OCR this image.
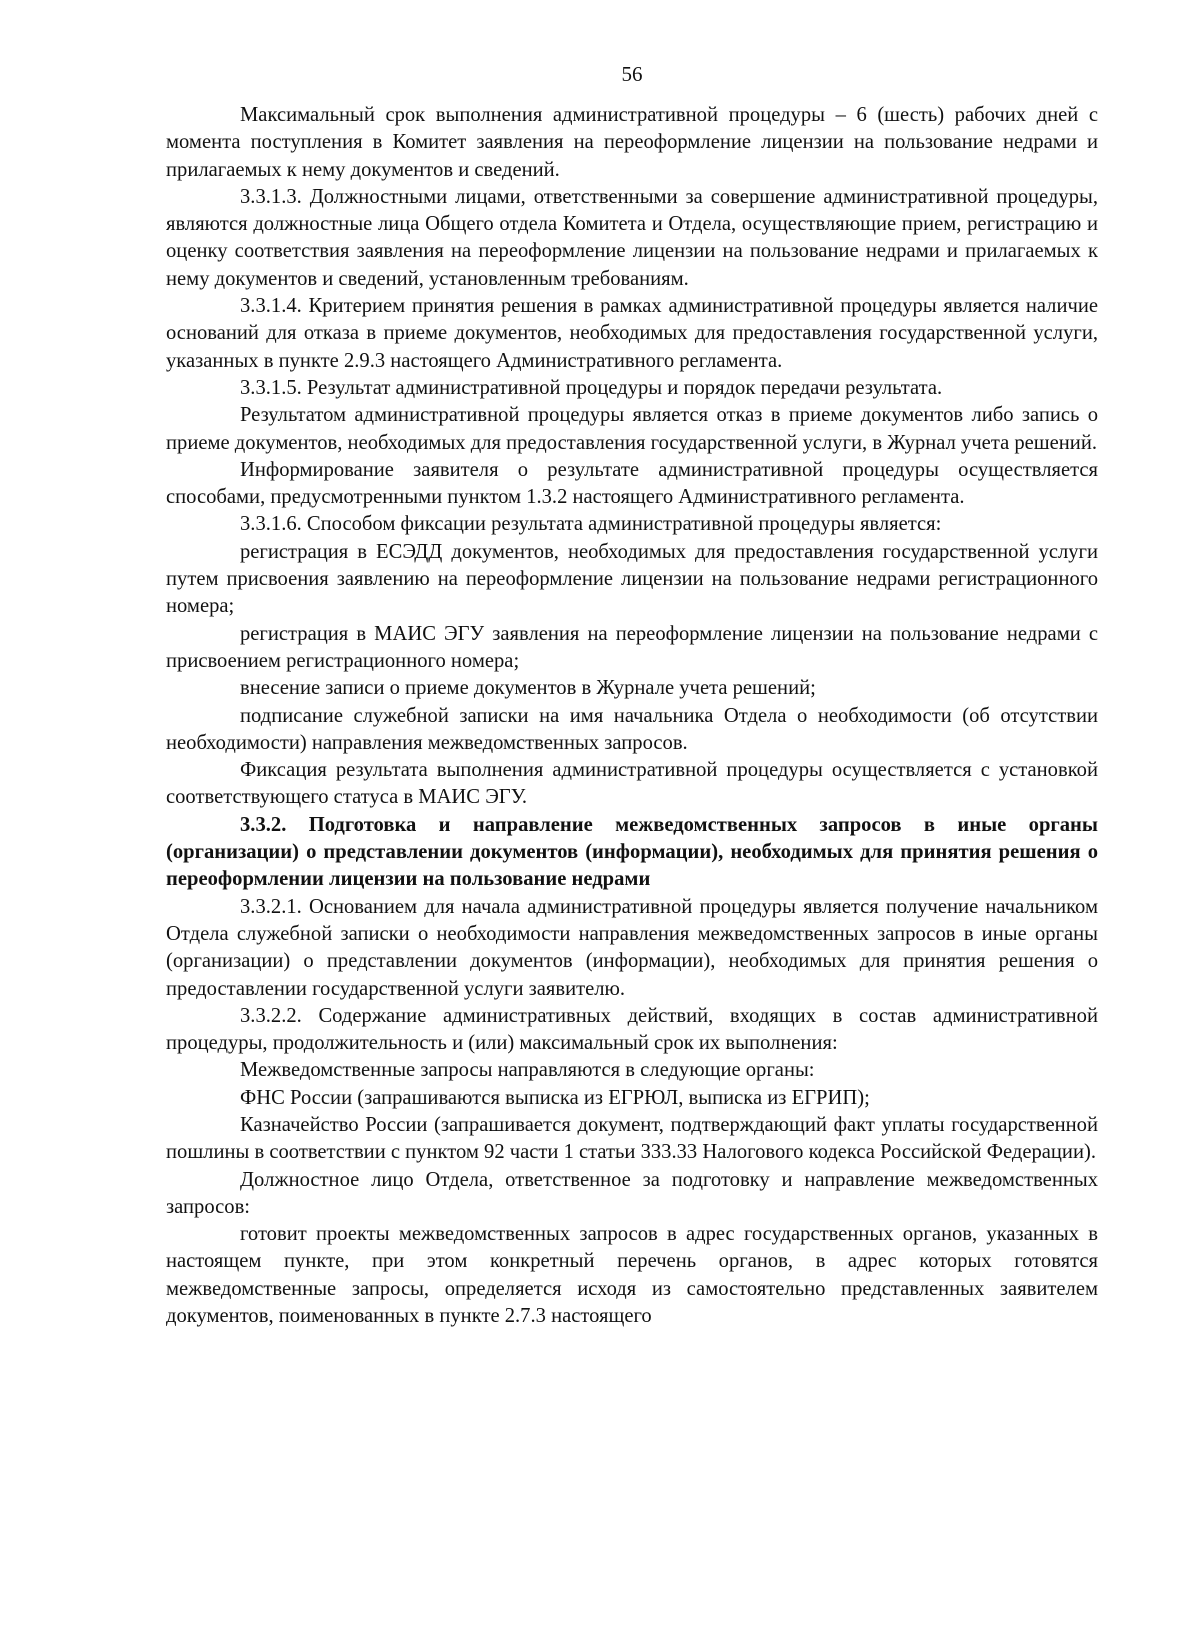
56

Максимальный срок выполнения административной процедуры – 6 (шесть) рабочих дней с момента поступления в Комитет заявления на переоформление лицензии на пользование недрами и прилагаемых к нему документов и сведений.

3.3.1.3. Должностными лицами, ответственными за совершение административной процедуры, являются должностные лица Общего отдела Комитета и Отдела, осуществляющие прием, регистрацию и оценку соответствия заявления на переоформление лицензии на пользование недрами и прилагаемых к нему документов и сведений, установленным требованиям.

3.3.1.4. Критерием принятия решения в рамках административной процедуры является наличие оснований для отказа в приеме документов, необходимых для предоставления государственной услуги, указанных в пункте 2.9.3 настоящего Административного регламента.

3.3.1.5. Результат административной процедуры и порядок передачи результата.

Результатом административной процедуры является отказ в приеме документов либо запись о приеме документов, необходимых для предоставления государственной услуги, в Журнал учета решений.

Информирование заявителя о результате административной процедуры осуществляется способами, предусмотренными пунктом 1.3.2 настоящего Административного регламента.

3.3.1.6. Способом фиксации результата административной процедуры является:

регистрация в ЕСЭДД документов, необходимых для предоставления государственной услуги путем присвоения заявлению на переоформление лицензии на пользование недрами регистрационного номера;

регистрация в МАИС ЭГУ заявления на переоформление лицензии на пользование недрами с присвоением регистрационного номера;

внесение записи о приеме документов в Журнале учета решений;

подписание служебной записки на имя начальника Отдела о необходимости (об отсутствии необходимости) направления межведомственных запросов.

Фиксация результата выполнения административной процедуры осуществляется с установкой соответствующего статуса в МАИС ЭГУ.

3.3.2. Подготовка и направление межведомственных запросов в иные органы (организации) о представлении документов (информации), необходимых для принятия решения о переоформлении лицензии на пользование недрами

3.3.2.1. Основанием для начала административной процедуры является получение начальником Отдела служебной записки о необходимости направления межведомственных запросов в иные органы (организации) о представлении документов (информации), необходимых для принятия решения о предоставлении государственной услуги заявителю.

3.3.2.2. Содержание административных действий, входящих в состав административной процедуры, продолжительность и (или) максимальный срок их выполнения:

Межведомственные запросы направляются в следующие органы:

ФНС России (запрашиваются выписка из ЕГРЮЛ, выписка из ЕГРИП);

Казначейство России (запрашивается документ, подтверждающий факт уплаты государственной пошлины в соответствии с пунктом 92 части 1 статьи 333.33 Налогового кодекса Российской Федерации).

Должностное лицо Отдела, ответственное за подготовку и направление межведомственных запросов:

готовит проекты межведомственных запросов в адрес государственных органов, указанных в настоящем пункте, при этом конкретный перечень органов, в адрес которых готовятся межведомственные запросы, определяется исходя из самостоятельно представленных заявителем документов, поименованных в пункте 2.7.3 настоящего
